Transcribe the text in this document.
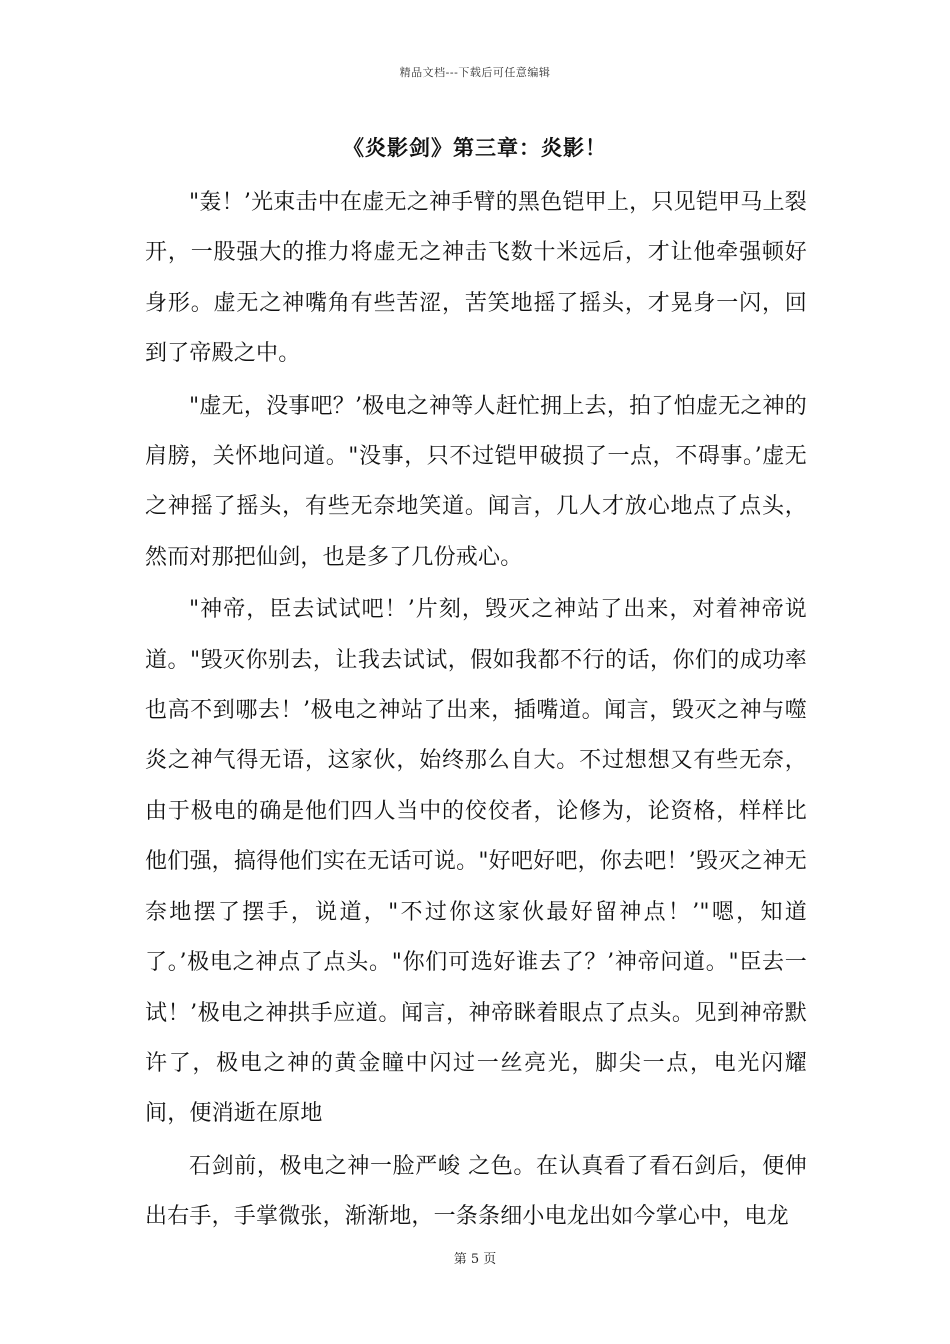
精品文档---下载后可任意编辑
《炎影剑》第三章：炎影！

"轰！’光束击中在虚无之神手臂的黑色铠甲上，只见铠甲马上裂开，一股强大的推力将虚无之神击飞数十米远后，才让他牵强顿好身形。虚无之神嘴角有些苦涩，苦笑地摇了摇头，才晃身一闪，回到了帝殿之中。

"虚无，没事吧？’极电之神等人赶忙拥上去，拍了怕虚无之神的肩膀，关怀地问道。"没事，只不过铠甲破损了一点，不碍事。’虚无之神摇了摇头，有些无奈地笑道。闻言，几人才放心地点了点头，然而对那把仙剑，也是多了几份戒心。

"神帝，臣去试试吧！’片刻，毁灭之神站了出来，对着神帝说道。"毁灭你别去，让我去试试，假如我都不行的话，你们的成功率也高不到哪去！’极电之神站了出来，插嘴道。闻言，毁灭之神与噬炎之神气得无语，这家伙，始终那么自大。不过想想又有些无奈，由于极电的确是他们四人当中的佼佼者，论修为，论资格，样样比他们强，搞得他们实在无话可说。"好吧好吧，你去吧！’毁灭之神无奈地摆了摆手，说道，"不过你这家伙最好留神点！’"嗯，知道了。’极电之神点了点头。"你们可选好谁去了？’神帝问道。"臣去一试！’极电之神拱手应道。闻言，神帝眯着眼点了点头。见到神帝默许了，极电之神的黄金瞳中闪过一丝亮光，脚尖一点，电光闪耀间，便消逝在原地

石剑前，极电之神一脸严峻 之色。在认真看了看石剑后，便伸出右手，手掌微张，渐渐地，一条条细小电龙出如今掌心中，电龙

第 5 页
